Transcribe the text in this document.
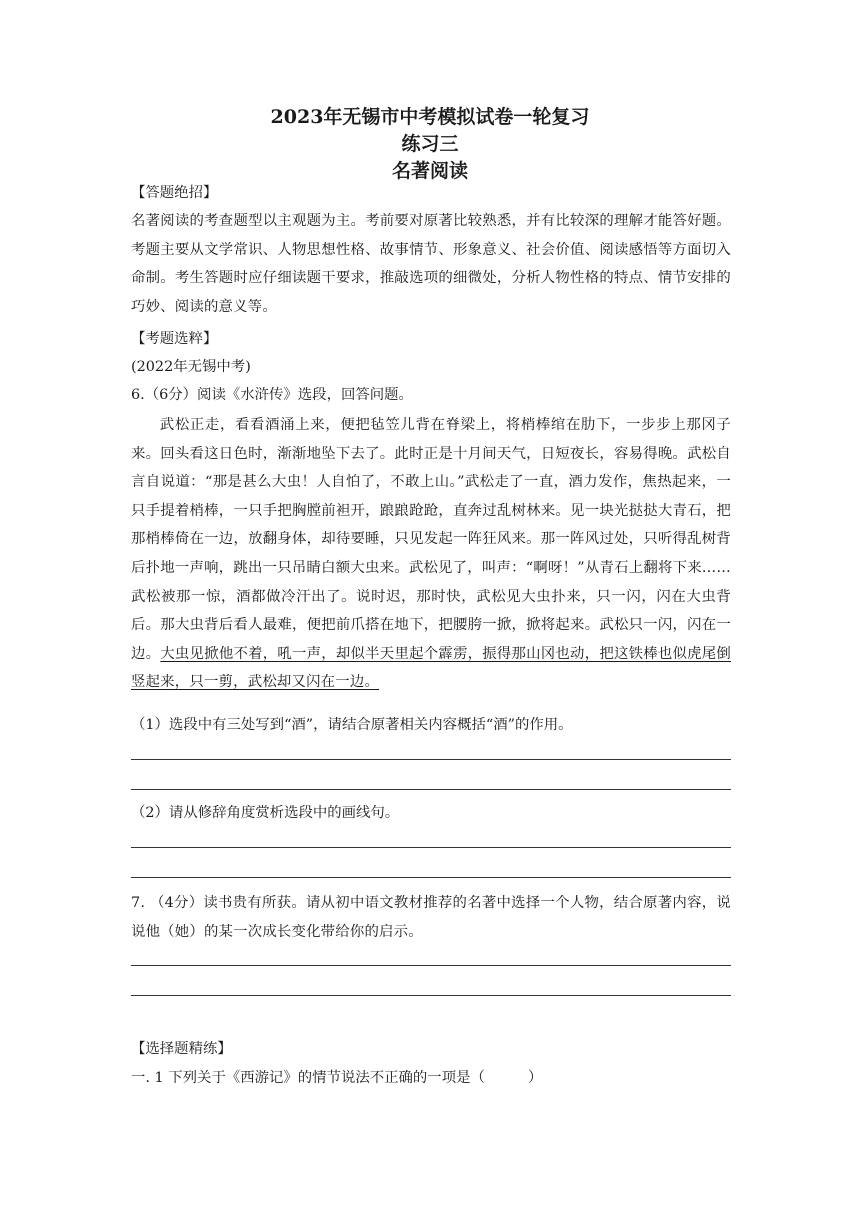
2023年无锡市中考模拟试卷一轮复习
练习三
名著阅读
【答题绝招】
名著阅读的考查题型以主观题为主。考前要对原著比较熟悉，并有比较深的理解才能答好题。考题主要从文学常识、人物思想性格、故事情节、形象意义、社会价值、阅读感悟等方面切入命制。考生答题时应仔细读题干要求，推敲选项的细微处，分析人物性格的特点、情节安排的巧妙、阅读的意义等。
【考题选粹】
(2022年无锡中考)
6.（6分）阅读《水浒传》选段，回答问题。
武松正走，看看酒涌上来，便把毡笠儿背在脊梁上，将梢棒绾在肋下，一步步上那冈子来。回头看这日色时，渐渐地坠下去了。此时正是十月间天气，日短夜长，容易得晚。武松自言自说道：“那是甚么大虫！人自怕了，不敢上山。”武松走了一直，酒力发作，焦热起来，一只手提着梢棒，一只手把胸膛前袒开，踉踉跄跄，直奔过乱树林来。见一块光挞挞大青石，把那梢棒倚在一边，放翻身体，却待要睡，只见发起一阵狂风来。那一阵风过处，只听得乱树背后扑地一声响，跳出一只吊睛白额大虫来。武松见了，叫声：“啊呀！”从青石上翻将下来……武松被那一惊，酒都做冷汗出了。说时迟，那时快，武松见大虫扑来，只一闪，闪在大虫背后。那大虫背后看人最难，便把前爪搭在地下，把腰胯一掀，掀将起来。武松只一闪，闪在一边。大虫见掀他不着，吼一声，却似半天里起个霹雳，振得那山冈也动，把这铁棒也似虎尾倒竖起来，只一剪，武松却又闪在一边。
（1）选段中有三处写到“酒”，请结合原著相关内容概括“酒”的作用。
（2）请从修辞角度赏析选段中的画线句。
7. （4分）读书贵有所获。请从初中语文教材推荐的名著中选择一个人物，结合原著内容，说说他（她）的某一次成长变化带给你的启示。
【选择题精练】
一. 1 下列关于《西游记》的情节说法不正确的一项是（　　　）
